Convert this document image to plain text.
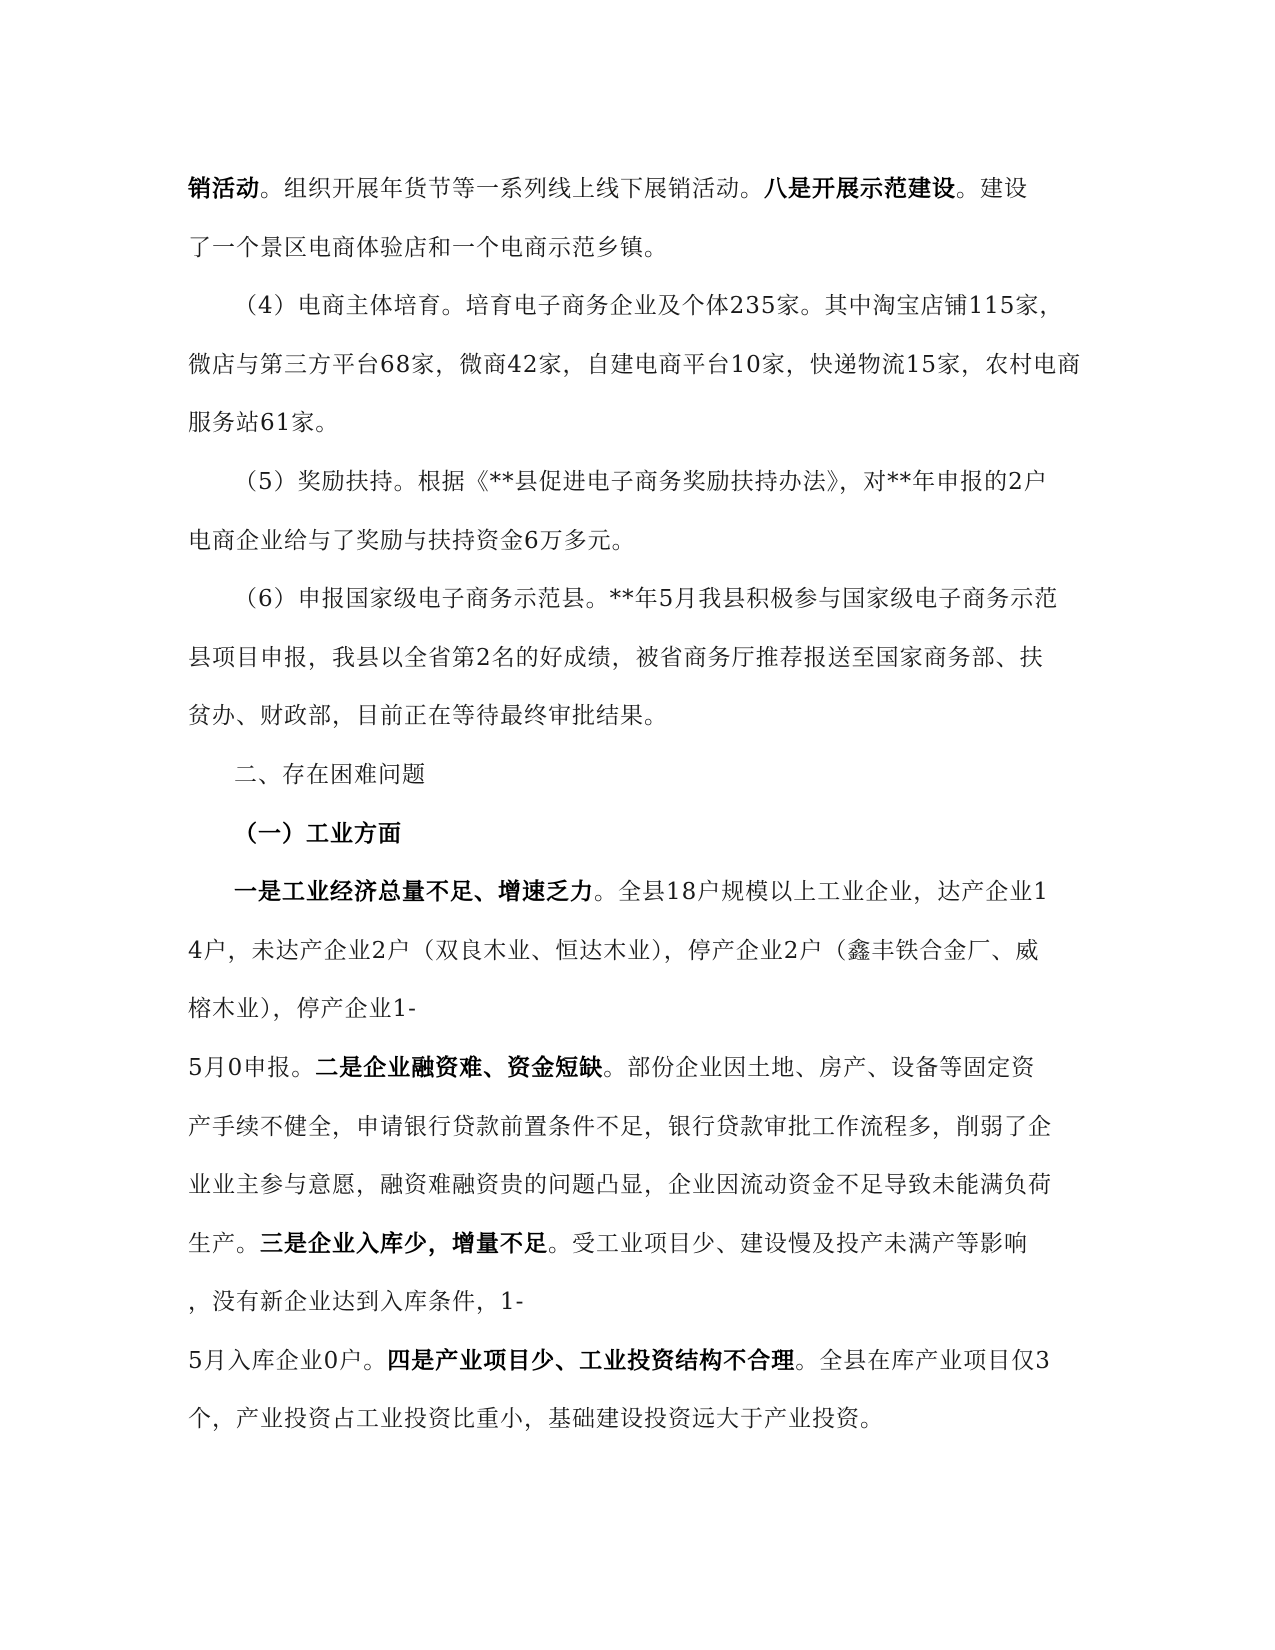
销活动。组织开展年货节等一系列线上线下展销活动。八是开展示范建设。建设
了一个景区电商体验店和一个电商示范乡镇。
（4）电商主体培育。培育电子商务企业及个体235家。其中淘宝店铺115家，
微店与第三方平台68家，微商42家，自建电商平台10家，快递物流15家，农村电商
服务站61家。
（5）奖励扶持。根据《**县促进电子商务奖励扶持办法》，对**年申报的2户
电商企业给与了奖励与扶持资金6万多元。
（6）申报国家级电子商务示范县。**年5月我县积极参与国家级电子商务示范
县项目申报，我县以全省第2名的好成绩，被省商务厅推荐报送至国家商务部、扶
贫办、财政部，目前正在等待最终审批结果。
二、存在困难问题
（一）工业方面
一是工业经济总量不足、增速乏力。全县18户规模以上工业企业，达产企业1
4户，未达产企业2户（双良木业、恒达木业），停产企业2户（鑫丰铁合金厂、威
榕木业），停产企业1-
5月0申报。二是企业融资难、资金短缺。部份企业因土地、房产、设备等固定资
产手续不健全，申请银行贷款前置条件不足，银行贷款审批工作流程多，削弱了企
业业主参与意愿，融资难融资贵的问题凸显，企业因流动资金不足导致未能满负荷
生产。三是企业入库少，增量不足。受工业项目少、建设慢及投产未满产等影响
，没有新企业达到入库条件，1-
5月入库企业0户。四是产业项目少、工业投资结构不合理。全县在库产业项目仅3
个，产业投资占工业投资比重小，基础建设投资远大于产业投资。
